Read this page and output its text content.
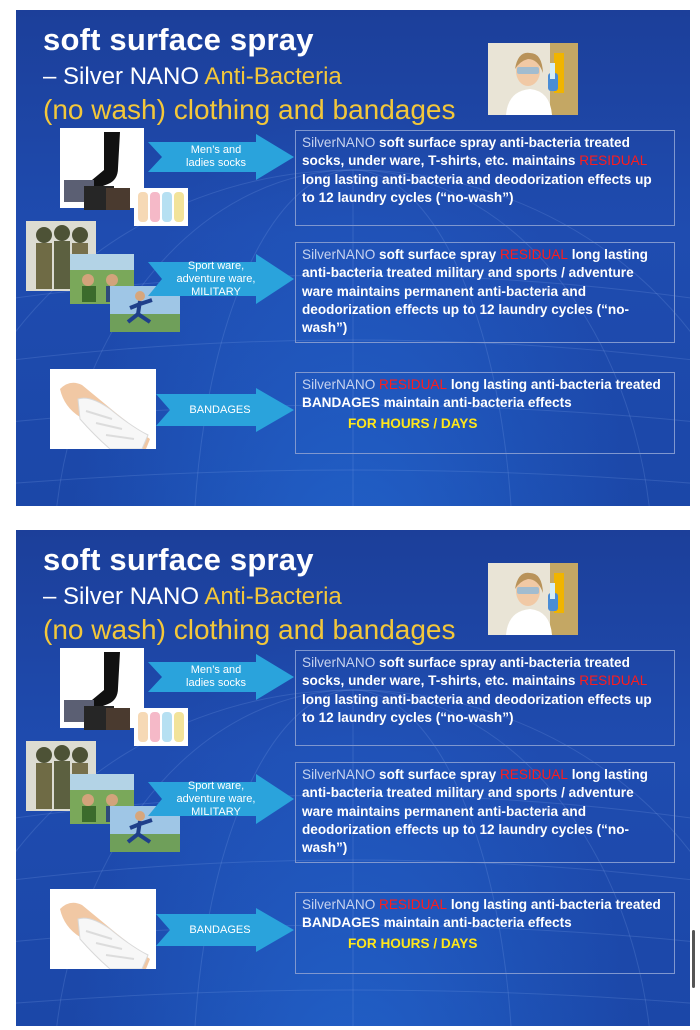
soft surface spray
– Silver NANO Anti-Bacteria
(no wash) clothing and bandages
Men’s and
ladies socks
Sport ware,
adventure ware,
MILITARY
BANDAGES
SilverNANO soft surface spray anti-bacteria treated socks, under ware, T-shirts, etc. maintains RESIDUAL long lasting anti-bacteria and deodorization effects up to 12 laundry cycles (“no-wash”)
SilverNANO soft surface spray RESIDUAL long lasting anti-bacteria treated military and sports / adventure ware maintains permanent anti-bacteria and deodorization effects up to 12 laundry cycles (“no-wash”)
SilverNANO RESIDUAL long lasting anti-bacteria treated BANDAGES maintain anti-bacteria effects
FOR HOURS / DAYS
soft surface spray
– Silver NANO Anti-Bacteria
(no wash) clothing and bandages
Men’s and
ladies socks
Sport ware,
adventure ware,
MILITARY
BANDAGES
SilverNANO soft surface spray anti-bacteria treated socks, under ware, T-shirts, etc. maintains RESIDUAL long lasting anti-bacteria and deodorization effects up to 12 laundry cycles (“no-wash”)
SilverNANO soft surface spray RESIDUAL long lasting anti-bacteria treated military and sports / adventure ware maintains permanent anti-bacteria and deodorization effects up to 12 laundry cycles (“no-wash”)
SilverNANO RESIDUAL long lasting anti-bacteria treated BANDAGES maintain anti-bacteria effects
FOR HOURS / DAYS
